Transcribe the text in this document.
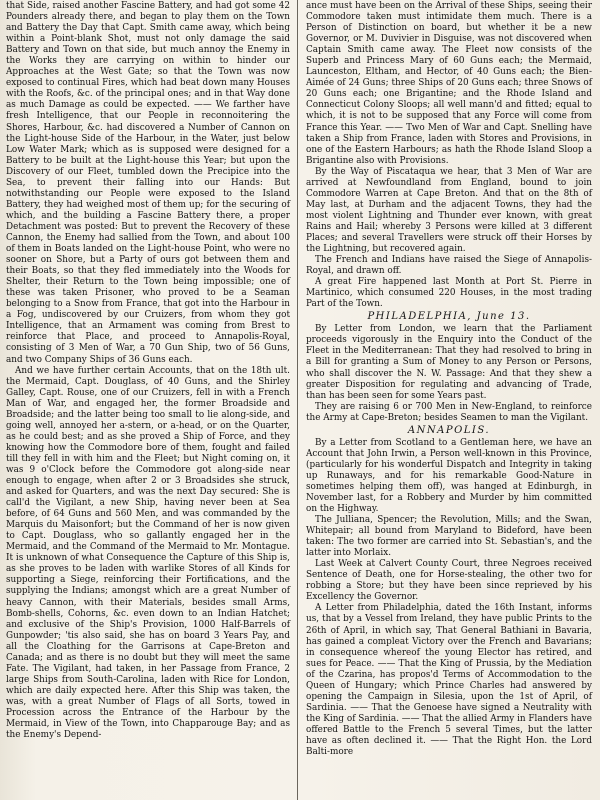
that Side, raised another Fascine Battery, and had got some 42 Pounders already there, and began to play them on the Town and Battery the Day that Capt. Smith came away, which being within a Point-blank Shot, must not only damage the said Battery and Town on that side, but much annoy the Enemy in the Works they are carrying on within to hinder our Approaches at the West Gate; so that the Town was now exposed to continual Fires, which had beat down many Houses with the Roofs, &c. of the principal ones; and in that Way done as much Damage as could be expected. —— We farther have fresh Intelligence, that our People in reconnoitering the Shores, Harbour, &c. had discovered a Number of Cannon on the Light-house Side of the Harbour, in the Water, just below Low Water Mark; which as is supposed were designed for a Battery to be built at the Light-house this Year; but upon the Discovery of our Fleet, tumbled down the Precipice into the Sea, to prevent their falling into our Hands: But notwithstanding our People were exposed to the Island Battery, they had weighed most of them up; for the securing of which, and the building a Fascine Battery there, a proper Detachment was posted: But to prevent the Recovery of these Cannon, the Enemy had sallied from the Town, and about 100 of them in Boats landed on the Light-house Point, who were no sooner on Shore, but a Party of ours got between them and their Boats, so that they fled immediately into the Woods for Shelter, their Return to the Town being impossible; one of these was taken Prisoner, who proved to be a Seaman belonging to a Snow from France, that got into the Harbour in a Fog, undiscovered by our Cruizers, from whom they got Intelligence, that an Armament was coming from Brest to reinforce that Place, and proceed to Annapolis-Royal, consisting of 3 Men of War, a 70 Gun Ship, two of 56 Guns, and two Company Ships of 36 Guns each.

And we have further certain Accounts, that on the 18th ult. the Mermaid, Capt. Douglass, of 40 Guns, and the Shirley Galley, Capt. Rouse, one of our Cruizers, fell in with a French Man of War, and engaged her, the former Broadside and Broadside; and the latter being too small to lie along-side, and going well, annoyed her a-stern, or a-head, or on the Quarter, as he could best; and as she proved a Ship of Force, and they knowing how the Commodore bore of them, fought and failed till they fell in with him and the Fleet; but Night coming on, it was 9 o'Clock before the Commodore got along-side near enough to engage, when after 2 or 3 Broadsides she struck, and asked for Quarters, and was the next Day secured: She is call'd the Vigilant, a new Ship, having never been at Sea before, of 64 Guns and 560 Men, and was commanded by the Marquis du Maisonfort; but the Command of her is now given to Capt. Douglass, who so gallantly engaged her in the Mermaid, and the Command of the Mermaid to Mr. Montague. It is unknown of what Consequence the Capture of this Ship is, as she proves to be laden with warlike Stores of all Kinds for supporting a Siege, reinforcing their Fortifications, and the supplying the Indians; amongst which are a great Number of heavy Cannon, with their Materials, besides small Arms, Bomb-shells, Cohorns, &c. even down to an Indian Hatchet; and exclusive of the Ship's Provision, 1000 Half-Barrels of Gunpowder; 'tis also said, she has on board 3 Years Pay, and all the Cloathing for the Garrisons at Cape-Breton and Canada; and as there is no doubt but they will meet the same Fate. The Vigilant, had taken, in her Passage from France, 2 large Ships from South-Carolina, laden with Rice for London, which are daily expected here. After this Ship was taken, the was, with a great Number of Flags of all Sorts, towed in Procession across the Entrance of the Harbour by the Mermaid, in View of the Town, into Chapparouge Bay; and as the Enemy's Depend-

ance must have been on the Arrival of these Ships, seeing their Commodore taken must intimidate them much. There is a Person of Distinction on board, but whether it be a new Governor, or M. Duvivier in Disguise, was not discovered when Captain Smith came away. The Fleet now consists of the Superb and Princess Mary of 60 Guns each; the Mermaid, Launceston, Eltham, and Hector, of 40 Guns each; the Bien-Aimée of 24 Guns; three Ships of 20 Guns each; three Snows of 20 Guns each; one Brigantine; and the Rhode Island and Connecticut Colony Sloops; all well mann'd and fitted; equal to which, it is not to be supposed that any Force will come from France this Year. —— Two Men of War and Capt. Snelling have taken a Ship from France, laden with Stores and Provisions, in one of the Eastern Harbours; as hath the Rhode Island Sloop a Brigantine also with Provisions.

By the Way of Piscataqua we hear, that 3 Men of War are arrived at Newfoundland from England, bound to join Commodore Warren at Cape Breton. And that on the 8th of May last, at Durham and the adjacent Towns, they had the most violent Lightning and Thunder ever known, with great Rains and Hail; whereby 3 Persons were killed at 3 different Places; and several Travellers were struck off their Horses by the Lightning, but recovered again.

The French and Indians have raised the Siege of Annapolis-Royal, and drawn off.

A great Fire happened last Month at Port St. Pierre in Martinico, which consumed 220 Houses, in the most trading Part of the Town.

PHILADELPHIA, June 13.

By Letter from London, we learn that the Parliament proceeds vigorously in the Enquiry into the Conduct of the Fleet in the Mediterranean: That they had resolved to bring in a Bill for granting a Sum of Money to any Person or Persons, who shall discover the N. W. Passage: And that they shew a greater Disposition for regulating and advancing of Trade, than has been seen for some Years past.

They are raising 6 or 700 Men in New-England, to reinforce the Army at Cape-Breton; besides Seamen to man the Vigilant.

ANNAPOLIS.

By a Letter from Scotland to a Gentleman here, we have an Account that John Irwin, a Person well-known in this Province, (particularly for his wonderful Dispatch and Integrity in taking up Runaways, and for his remarkable Good-Nature in sometimes helping them off), was hanged at Edinburgh, in November last, for a Robbery and Murder by him committed on the Highway.

The Julliana, Spencer; the Revolution, Mills; and the Swan, Whitepair; all bound from Maryland to Bideford, have been taken: The two former are carried into St. Sebastian's, and the latter into Morlaix.

Last Week at Calvert County Court, three Negroes received Sentence of Death, one for Horse-stealing, the other two for robbing a Store; but they have been since reprieved by his Excellency the Governor.

A Letter from Philadelphia, dated the 16th Instant, informs us, that by a Vessel from Ireland, they have public Prints to the 26th of April, in which say, That General Bathiani in Bavaria, has gained a compleat Victory over the French and Bavarians; in consequence whereof the young Elector has retired, and sues for Peace. —— That the King of Prussia, by the Mediation of the Czarina, has propos'd Terms of Accommodation to the Queen of Hungary; which Prince Charles had answered by opening the Campaign in Silesia, upon the 1st of April, of Sardinia. —— That the Genoese have signed a Neutrality with the King of Sardinia. —— That the allied Army in Flanders have offered Battle to the French 5 several Times, but the latter have as often declined it. —— That the Right Hon. the Lord Balti-more
